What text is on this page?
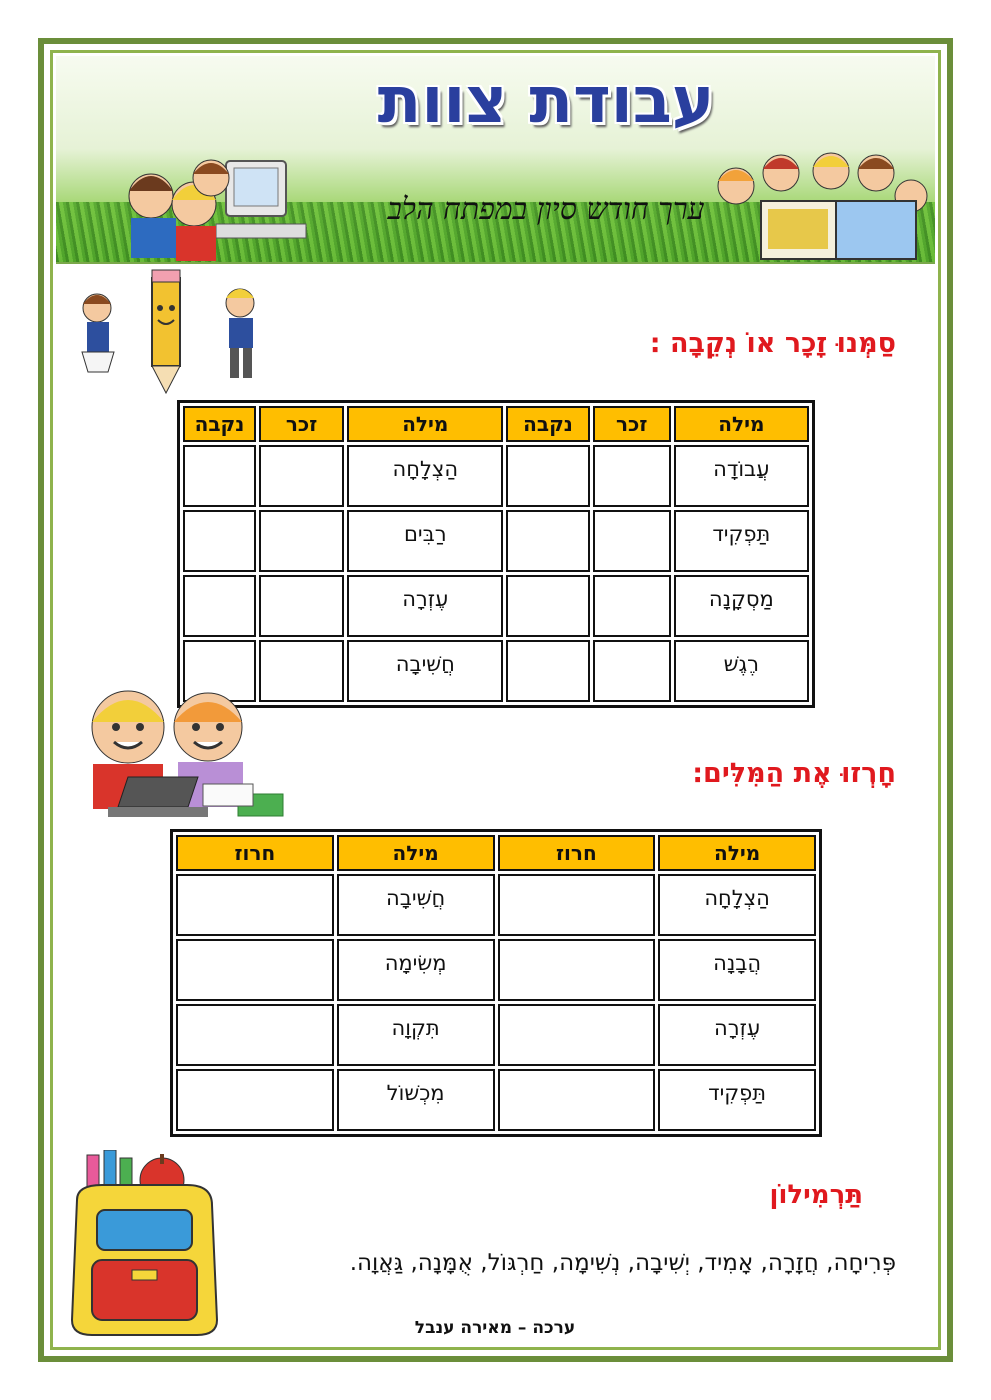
עבודת צוות
ערך חודש סיון במפתח הלב
סַמְּנוּ זָכָר אוֹ נְקֵבָה :
מילה	זכר	נקבה	מילה	זכר	נקבה
עֲבוֹדָה			הַצְלָחָה		
תַּפְקִיד			רַבִּים		
מַסְקָנָה			עֶזְרָה		
רֶגֶשׁ			חֲשִׁיבָה		
חָרְזוּ אֶת הַמִּלִּים:
מילה	חרוז	מילה	חרוז
הַצְלָחָה		חֲשִׁיבָה	
הֲבָנָה		מְשִׂימָה	
עֶזְרָה		תִּקְוָה	
תַּפְקִיד		מִכְשׁוֹל	
תַּרְמִילוֹן
פְּרִיחָה, חֲזָרָה, אָמִיד, יְשִׁיבָה, נְשִׁימָה, חַרְגּוֹל, אֻמָּנָה, גַּאֲוָה.
ערכה – מאירה ענבל
